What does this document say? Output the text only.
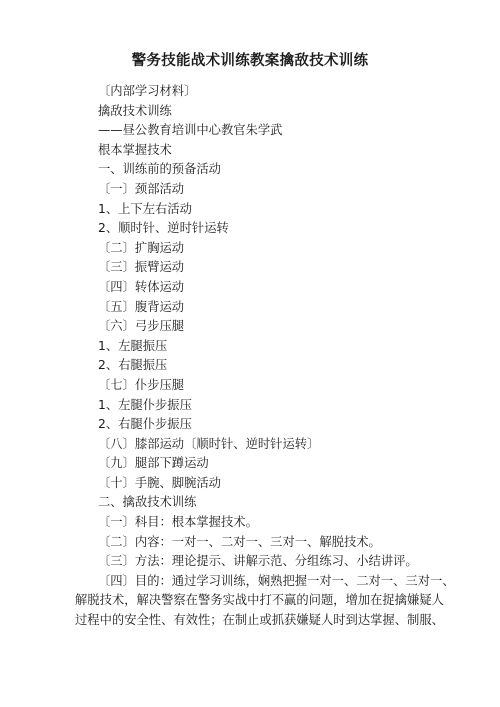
警务技能战术训练教案擒敌技术训练
〔内部学习材料〕
擒敌技术训练
——昼公教育培训中心教官朱学武
根本掌握技术
一、训练前的预备活动
〔一〕颈部活动
1、上下左右活动
2、顺时针、逆时针运转
〔二〕扩胸运动
〔三〕振臂运动
〔四〕转体运动
〔五〕腹背运动
〔六〕弓步压腿
1、左腿振压
2、右腿振压
〔七〕仆步压腿
1、左腿仆步振压
2、右腿仆步振压
〔八〕膝部运动〔顺时针、逆时针运转〕
〔九〕腿部下蹲运动
〔十〕手腕、脚腕活动
二、擒敌技术训练
〔一〕科目：根本掌握技术。
〔二〕内容：一对一、二对一、三对一、解脱技术。
〔三〕方法：理论提示、讲解示范、分组练习、小结讲评。
〔四〕目的：通过学习训练，娴熟把握一对一、二对一、三对一、
解脱技术，解决警察在警务实战中打不赢的问题，增加在捉擒嫌疑人
过程中的安全性、有效性；在制止或抓获嫌疑人时到达掌握、制服、
